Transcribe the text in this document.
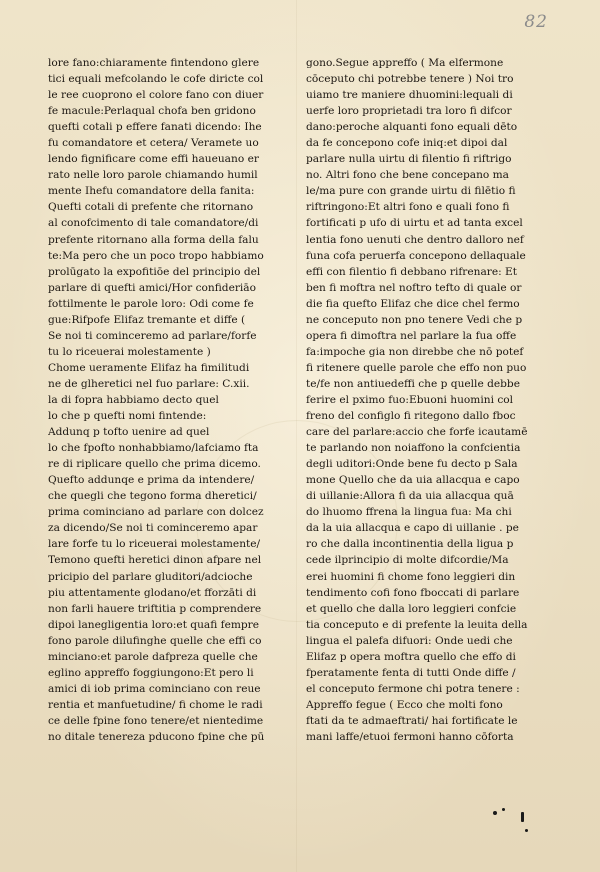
82
lore fano:chiaramente fintendono glere
tici equali mefcolando le cofe diricte col
le ree cuoprono el colore fano con diuer
fe macule:Perlaqual chofa ben gridono
quefti cotali p effere fanati dicendo: Ihe
fu comandatore et cetera/ Veramete uo
lendo fignificare come effi haueuano er
rato nelle loro parole chiamando humil
mente Ihefu comandatore della fanita:
Quefti cotali di prefente che ritornano
al conofcimento di tale comandatore/di
prefente ritornano alla forma della falu
te:Ma pero che un poco tropo habbiamo
prolūgato la expofitiōe del principio del
parlare di quefti amici/Hor confideriāo
fottilmente le parole loro: Odi come fe
gue:Rifpofe Elifaz tremante et diffe (
Se noi ti cominceremo ad parlare/forfe
tu lo riceuerai molestamente )
Chome ueramente Elifaz ha fimilitudi
ne de glheretici nel fuo parlare: C.xii.
la di fopra habbiamo decto quel
lo che p quefti nomi fintende:
Addunq p tofto uenire ad quel
lo che fpofto nonhabbiamo/lafciamo fta
re di riplicare quello che prima dicemo.
Quefto addunqe e prima da intendere/
che quegli che tegono forma dheretici/
prima cominciano ad parlare con dolcez
za dicendo/Se noi ti cominceremo apar
lare forfe tu lo riceuerai molestamente/
Temono quefti heretici dinon afpare nel
pricipio del parlare gluditori/adcioche
piu attentamente glodano/et fforzāti di
non farli hauere triftitia p comprendere
dipoi lanegligentia loro:et quafi fempre
fono parole dilufinghe quelle che effi co
minciano:et parole dafpreza quelle che
eglino appreffo foggiungono:Et pero li
amici di iob prima cominciano con reue
rentia et manfuetudine/ fi chome le radi
ce delle fpine fono tenere/et nientedime
no ditale tenereza pducono fpine che pū
gono.Segue appreffo ( Ma elfermone
cōceputo chi potrebbe tenere ) Noi tro
uiamo tre maniere dhuomini:lequali di
uerfe loro proprietadi tra loro fi difcor
dano:peroche alquanti fono equali dēto
da fe concepono cofe iniq:et dipoi dal
parlare nulla uirtu di filentio fi riftrigo
no. Altri fono che bene concepano ma
le/ma pure con grande uirtu di filētio fi
riftringono:Et altri fono e quali fono fi
fortificati p ufo di uirtu et ad tanta excel
lentia fono uenuti che dentro dalloro nef
funa cofa peruerfa concepono dellaquale
effi con filentio fi debbano rifrenare: Et
ben fi moftra nel noftro tefto di quale or
die fia quefto Elifaz che dice chel fermo
ne conceputo non pno tenere Vedi che p
opera fi dimoftra nel parlare la fua offe
fa:impoche gia non direbbe che nō potef
fi ritenere quelle parole che effo non puo
te/fe non antiuedeffi che p quelle debbe
ferire el pximo fuo:Ebuoni huomini col
freno del configlo fi ritegono dallo fboc
care del parlare:accio che forfe icautamē
te parlando non noiaffono la confcientia
degli uditori:Onde bene fu decto p Sala
mone Quello che da uia allacqua e capo
di uillanie:Allora fi da uia allacqua quā
do lhuomo ffrena la lingua fua: Ma chi
da la uia allacqua e capo di uillanie . pe
ro che dalla incontinentia della ligua p
cede ilprincipio di molte difcordie/Ma
erei huomini fi chome fono leggieri din
tendimento cofi fono fboccati di parlare
et quello che dalla loro leggieri confcie
tia conceputo e di prefente la leuita della
lingua el palefa difuori: Onde uedi che
Elifaz p opera moftra quello che effo di
fperatamente fenta di tutti Onde diffe /
el conceputo fermone chi potra tenere :
Appreffo fegue ( Ecco che molti fono
ftati da te admaeftrati/ hai fortificate le
mani laffe/etuoi fermoni hanno cōforta
